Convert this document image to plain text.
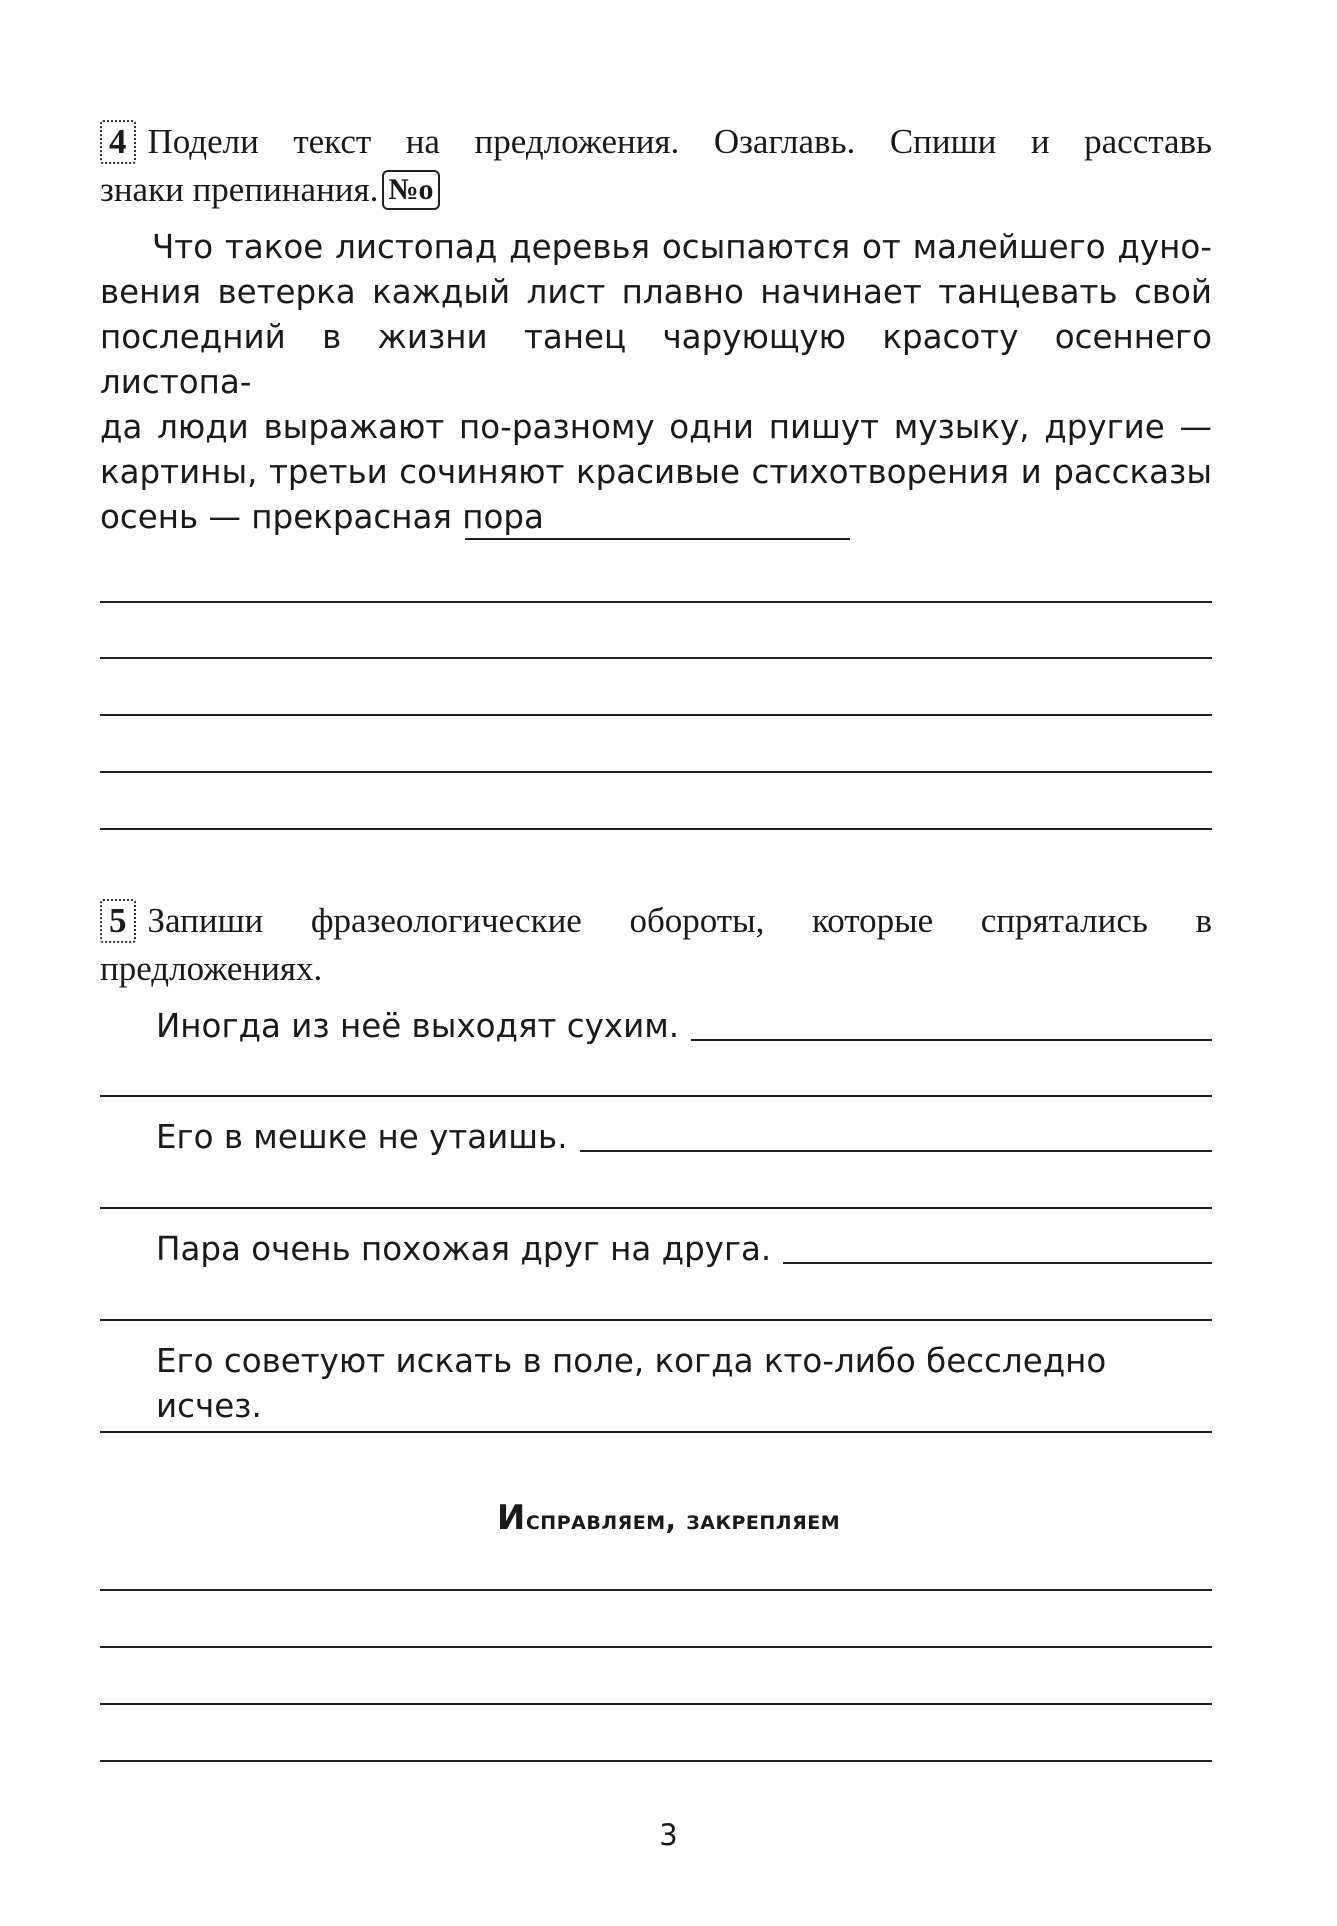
4 Подели текст на предложения. Озаглавь. Спиши и расставь
знаки препинания. №o
Что такое листопад деревья осыпаются от малейшего дуно-
вения ветерка каждый лист плавно начинает танцевать свой
последний в жизни танец чарующую красоту осеннего листопа-
да люди выражают по-разному одни пишут музыку, другие —
картины, третьи сочиняют красивые стихотворения и рассказы
осень — прекрасная пора
5 Запиши фразеологические обороты, которые спрятались в
предложениях.
Иногда из неё выходят сухим.
Его в мешке не утаишь.
Пара очень похожая друг на друга.
Его советуют искать в поле, когда кто-либо бесследно исчез.
Исправляем, закрепляем
3
